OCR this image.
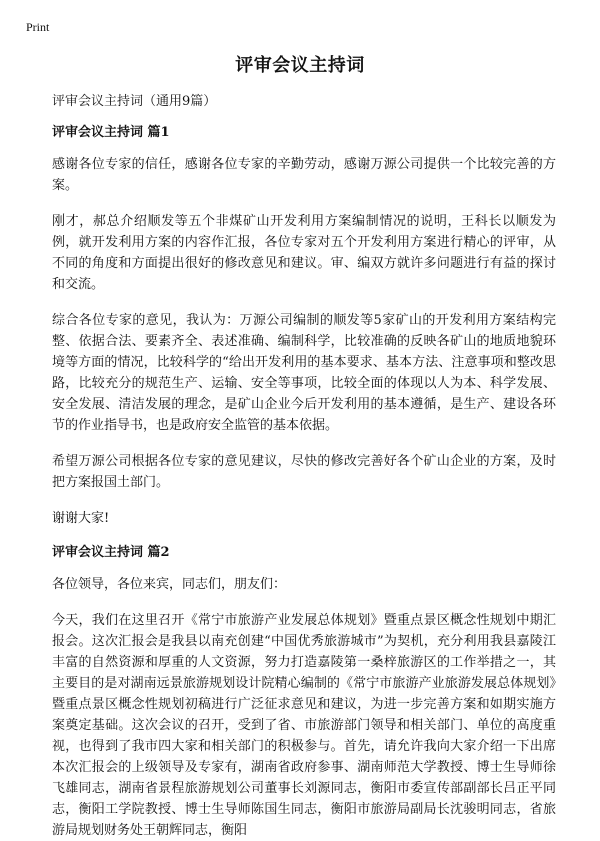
Print
评审会议主持词
评审会议主持词（通用9篇）
评审会议主持词 篇1

感谢各位专家的信任，感谢各位专家的辛勤劳动，感谢万源公司提供一个比较完善的方案。

刚才，郝总介绍顺发等五个非煤矿山开发利用方案编制情况的说明，王科长以顺发为例，就开发利用方案的内容作汇报，各位专家对五个开发利用方案进行精心的评审，从不同的角度和方面提出很好的修改意见和建议。审、编双方就许多问题进行有益的探讨和交流。

综合各位专家的意见，我认为：万源公司编制的顺发等5家矿山的开发利用方案结构完整、依据合法、要素齐全、表述准确、编制科学，比较准确的反映各矿山的地质地貌环境等方面的情况，比较科学的“给出开发利用的基本要求、基本方法、注意事项和整改思路，比较充分的规范生产、运输、安全等事项，比较全面的体现以人为本、科学发展、安全发展、清洁发展的理念，是矿山企业今后开发利用的基本遵循，是生产、建设各环节的作业指导书，也是政府安全监管的基本依据。

希望万源公司根据各位专家的意见建议，尽快的修改完善好各个矿山企业的方案，及时把方案报国土部门。

谢谢大家!

评审会议主持词 篇2

各位领导，各位来宾，同志们，朋友们：

今天，我们在这里召开《常宁市旅游产业发展总体规划》暨重点景区概念性规划中期汇报会。这次汇报会是我县以南充创建“中国优秀旅游城市”为契机，充分利用我县嘉陵江丰富的自然资源和厚重的人文资源，努力打造嘉陵第一桑梓旅游区的工作举措之一，其主要目的是对湖南远景旅游规划设计院精心编制的《常宁市旅游产业旅游发展总体规划》暨重点景区概念性规划初稿进行广泛征求意见和建议，为进一步完善方案和如期实施方案奠定基础。这次会议的召开，受到了省、市旅游部门领导和相关部门、单位的高度重视，也得到了我市四大家和相关部门的积极参与。首先，请允许我向大家介绍一下出席本次汇报会的上级领导及专家有，湖南省政府参事、湖南师范大学教授、博士生导师徐飞雄同志，湖南省景程旅游规划公司董事长刘源同志，衡阳市委宣传部副部长吕正平同志，衡阳工学院教授、博士生导师陈国生同志，衡阳市旅游局副局长沈骏明同志，省旅游局规划财务处王朝辉同志，衡阳
